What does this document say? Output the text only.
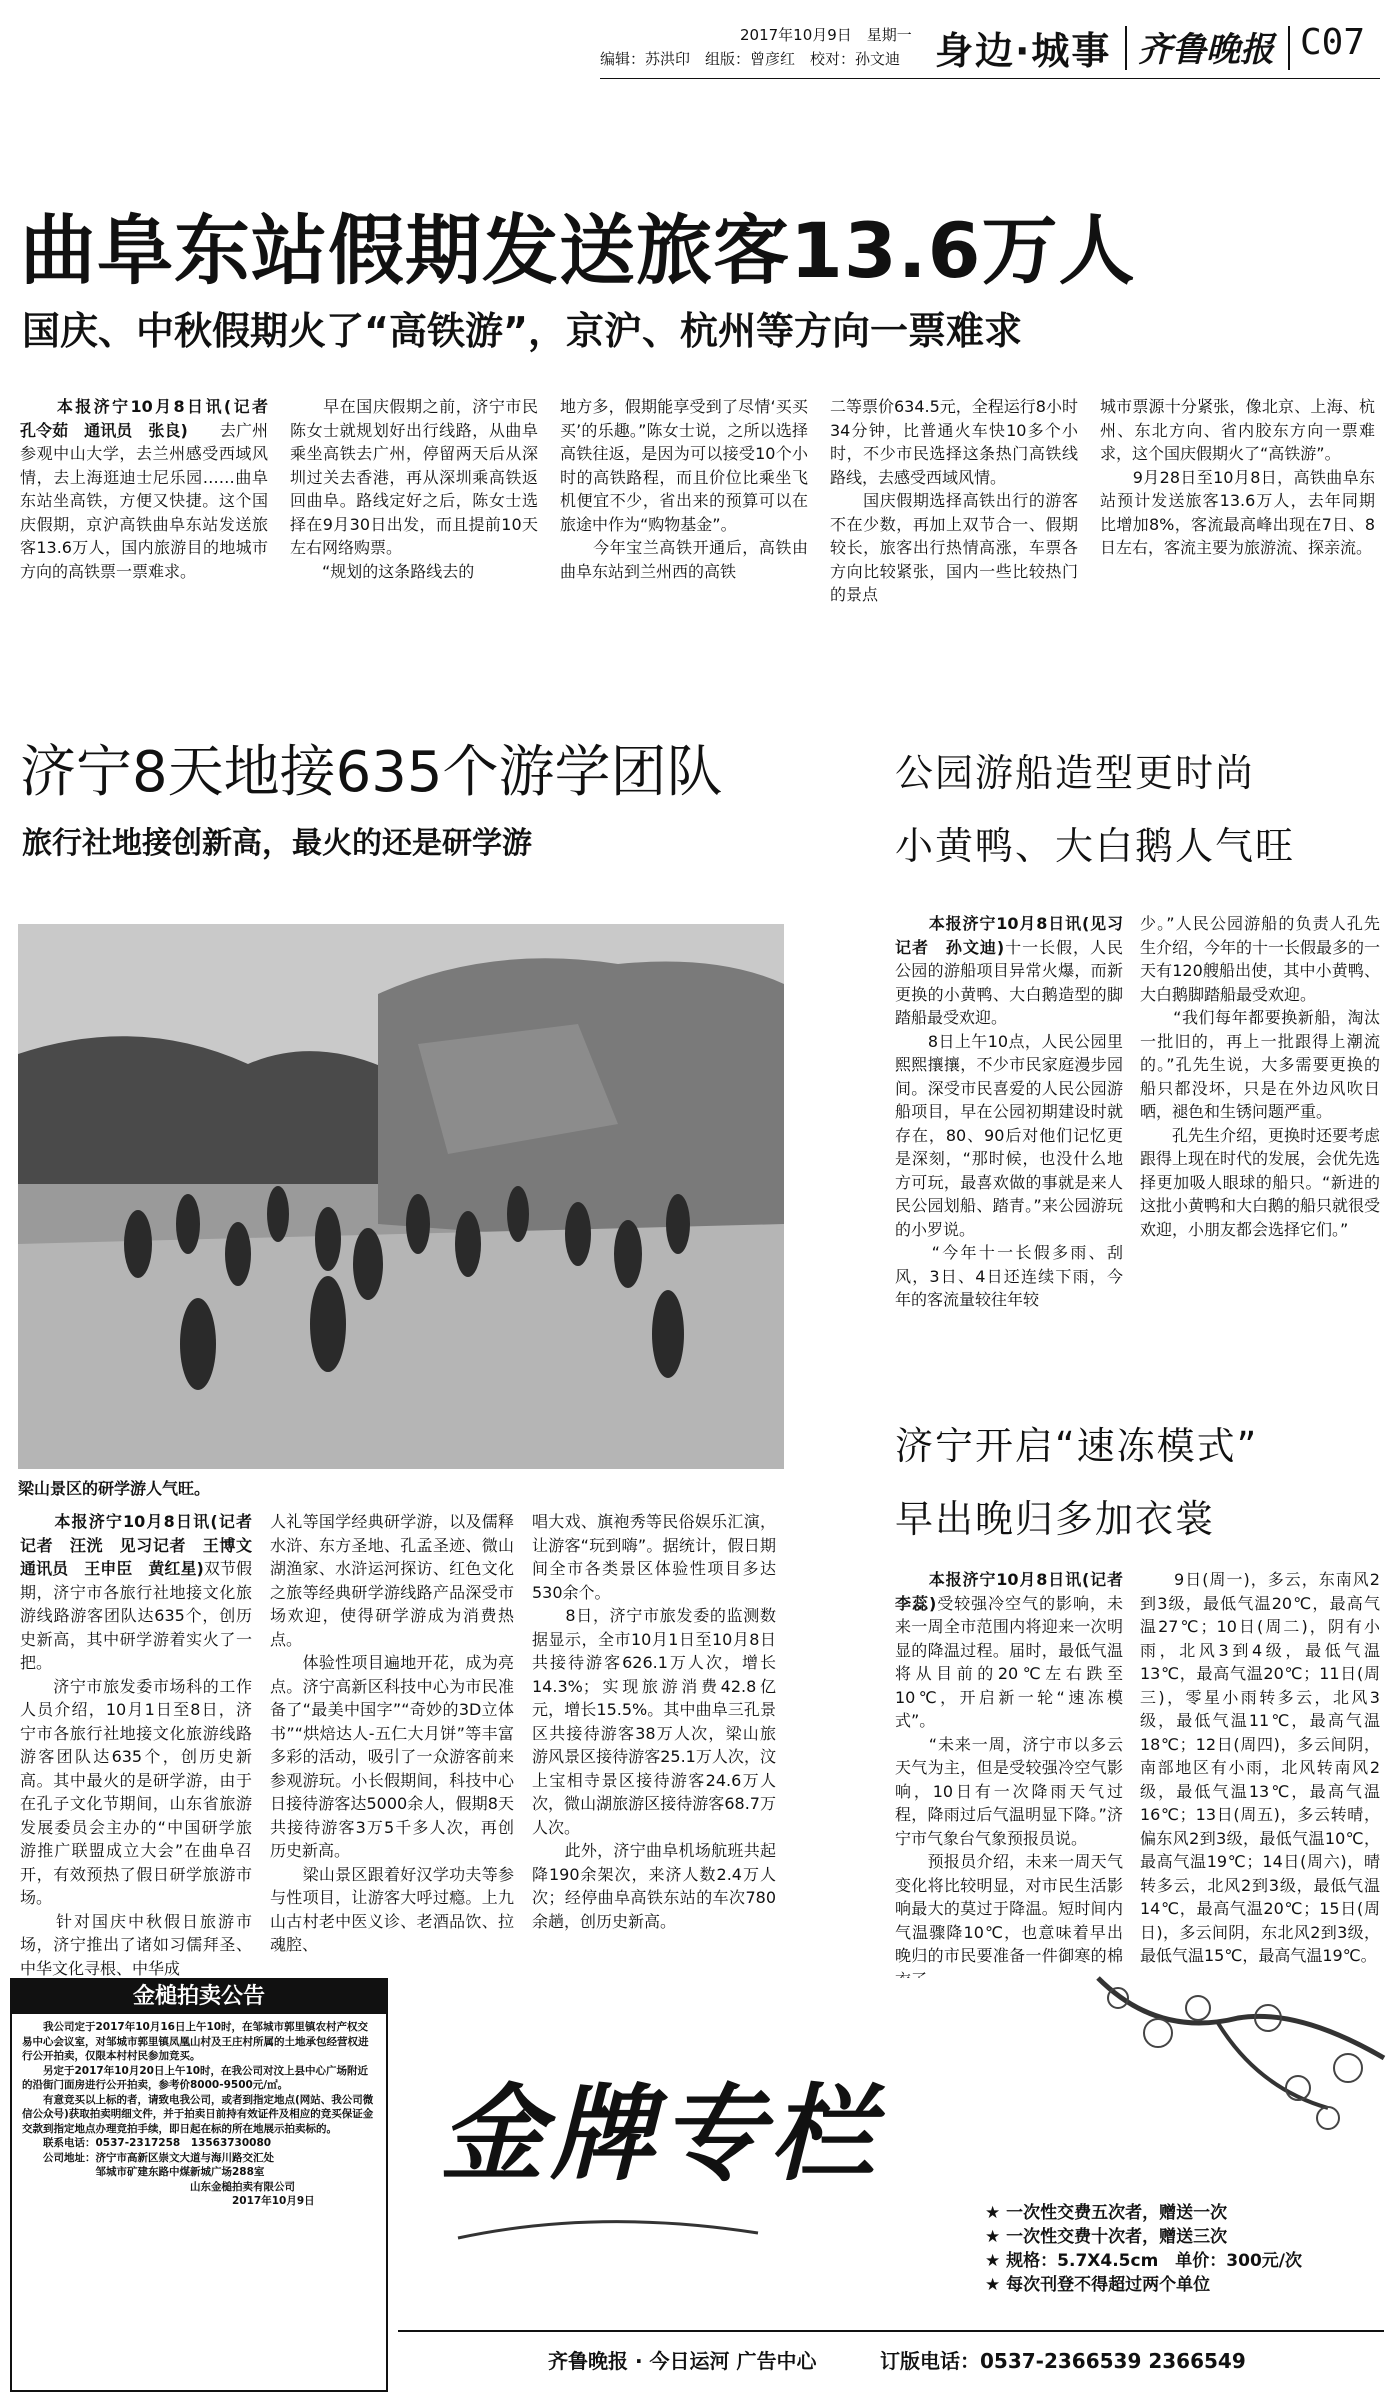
2017年10月9日　星期一
编辑：苏洪印　组版：曾彦红　校对：孙文迪 身边·城事 齐鲁晚报 C07
曲阜东站假期发送旅客13.6万人
国庆、中秋假期火了“高铁游”，京沪、杭州等方向一票难求
　　本报济宁10月8日讯(记者　孔令茹　通讯员　张良)　　去广州参观中山大学，去兰州感受西域风情，去上海逛迪士尼乐园……曲阜东站坐高铁，方便又快捷。这个国庆假期，京沪高铁曲阜东站发送旅客13.6万人，国内旅游目的地城市方向的高铁票一票难求。
　　早在国庆假期之前，济宁市民陈女士就规划好出行线路，从曲阜乘坐高铁去广州，停留两天后从深圳过关去香港，再从深圳乘高铁返回曲阜。路线定好之后，陈女士选择在9月30日出发，而且提前10天左右网络购票。
　　“规划的这条路线去的
地方多，假期能享受到了尽情‘买买买’的乐趣。”陈女士说，之所以选择高铁往返，是因为可以接受10个小时的高铁路程，而且价位比乘坐飞机便宜不少，省出来的预算可以在旅途中作为“购物基金”。
　　今年宝兰高铁开通后，高铁由曲阜东站到兰州西的高铁
二等票价634.5元，全程运行8小时34分钟，比普通火车快10多个小时，不少市民选择这条热门高铁线路线，去感受西域风情。
　　国庆假期选择高铁出行的游客不在少数，再加上双节合一、假期较长，旅客出行热情高涨，车票各方向比较紧张，国内一些比较热门的景点
城市票源十分紧张，像北京、上海、杭州、东北方向、省内胶东方向一票难求，这个国庆假期火了“高铁游”。
　　9月28日至10月8日，高铁曲阜东站预计发送旅客13.6万人，去年同期比增加8%，客流最高峰出现在7日、8日左右，客流主要为旅游流、探亲流。
济宁8天地接635个游学团队
旅行社地接创新高，最火的还是研学游
梁山景区的研学游人气旺。
　　本报济宁10月8日讯(记者　记者　汪洸　见习记者　王博文　通讯员　王申臣　黄红星)双节假期，济宁市各旅行社地接文化旅游线路游客团队达635个，创历史新高，其中研学游着实火了一把。
　　济宁市旅发委市场科的工作人员介绍，10月1日至8日，济宁市各旅行社地接文化旅游线路游客团队达635个，创历史新高。其中最火的是研学游，由于在孔子文化节期间，山东省旅游发展委员会主办的“中国研学旅游推广联盟成立大会”在曲阜召开，有效预热了假日研学旅游市场。
　　针对国庆中秋假日旅游市场，济宁推出了诸如习儒拜圣、中华文化寻根、中华成
人礼等国学经典研学游，以及儒释水浒、东方圣地、孔孟圣迹、微山湖渔家、水浒运河探访、红色文化之旅等经典研学游线路产品深受市场欢迎，使得研学游成为消费热点。
　　体验性项目遍地开花，成为亮点。济宁高新区科技中心为市民准备了“最美中国字”“奇妙的3D立体书”“烘焙达人-五仁大月饼”等丰富多彩的活动，吸引了一众游客前来参观游玩。小长假期间，科技中心日接待游客达5000余人，假期8天共接待游客3万5千多人次，再创历史新高。
　　梁山景区跟着好汉学功夫等参与性项目，让游客大呼过瘾。上九山古村老中医义诊、老酒品饮、拉魂腔、
唱大戏、旗袍秀等民俗娱乐汇演，让游客“玩到嗨”。据统计，假日期间全市各类景区体验性项目多达530余个。
　　8日，济宁市旅发委的监测数据显示，全市10月1日至10月8日共接待游客626.1万人次，增长14.3%；实现旅游消费42.8亿元，增长15.5%。其中曲阜三孔景区共接待游客38万人次，梁山旅游风景区接待游客25.1万人次，汶上宝相寺景区接待游客24.6万人次，微山湖旅游区接待游客68.7万人次。
　　此外，济宁曲阜机场航班共起降190余架次，来济人数2.4万人次；经停曲阜高铁东站的车次780余趟，创历史新高。
公园游船造型更时尚
小黄鸭、大白鹅人气旺
　　本报济宁10月8日讯(见习记者　孙文迪)十一长假，人民公园的游船项目异常火爆，而新更换的小黄鸭、大白鹅造型的脚踏船最受欢迎。
　　8日上午10点，人民公园里熙熙攘攘，不少市民家庭漫步园间。深受市民喜爱的人民公园游船项目，早在公园初期建设时就存在，80、90后对他们记忆更是深刻，“那时候，也没什么地方可玩，最喜欢做的事就是来人民公园划船、踏青。”来公园游玩的小罗说。
　　“今年十一长假多雨、刮风，3日、4日还连续下雨，今年的客流量较往年较
少。”人民公园游船的负责人孔先生介绍，今年的十一长假最多的一天有120艘船出使，其中小黄鸭、大白鹅脚踏船最受欢迎。
　　“我们每年都要换新船，淘汰一批旧的，再上一批跟得上潮流的。”孔先生说，大多需要更换的船只都没坏，只是在外边风吹日晒，褪色和生锈问题严重。
　　孔先生介绍，更换时还要考虑跟得上现在时代的发展，会优先选择更加吸人眼球的船只。“新进的这批小黄鸭和大白鹅的船只就很受欢迎，小朋友都会选择它们。”
济宁开启“速冻模式”
早出晚归多加衣裳
　　本报济宁10月8日讯(记者　李蕊)受较强冷空气的影响，未来一周全市范围内将迎来一次明显的降温过程。届时，最低气温将从目前的20℃左右跌至10℃，开启新一轮“速冻模式”。
　　“未来一周，济宁市以多云天气为主，但是受较强冷空气影响，10日有一次降雨天气过程，降雨过后气温明显下降。”济宁市气象台气象预报员说。
　　预报员介绍，未来一周天气变化将比较明显，对市民生活影响最大的莫过于降温。短时间内气温骤降10℃，也意味着早出晚归的市民要准备一件御寒的棉
　　9日(周一)，多云，东南风2到3级，最低气温20℃，最高气温27℃；10日(周二)，阴有小雨，北风3到4级，最低气温13℃，最高气温20℃；11日(周三)，零星小雨转多云，北风3级，最低气温11℃，最高气温18℃；12日(周四)，多云间阴，南部地区有小雨，北风转南风2级，最低气温13℃，最高气温16℃；13日(周五)，多云转晴，偏东风2到3级，最低气温10℃，最高气温19℃；14日(周六)，晴转多云，北风2到3级，最低气温14℃，最高气温20℃；15日(周日)，多云间阴，东北风2到3级，最低气温15℃，最高气温19℃。
金槌拍卖公告
　　我公司定于2017年10月16日上午10时，在邹城市郭里镇农村产权交易中心会议室，对邹城市郭里镇凤凰山村及王庄村所属的土地承包经营权进行公开拍卖，仅限本村村民参加竞买。
　　另定于2017年10月20日上午10时，在我公司对汶上县中心广场附近的沿街门面房进行公开拍卖，参考价8000-9500元/㎡。
　　有意竞买以上标的者，请致电我公司，或者到指定地点(网站、我公司微信公众号)获取拍卖明细文件，并于拍卖日前持有效证件及相应的竞买保证金交款到指定地点办理竞拍手续，即日起在标的所在地展示拍卖标的。
　　联系电话：0537-2317258　13563730080
　　公司地址：济宁市高新区崇文大道与海川路交汇处
　　　　　　　邹城市矿建东路中煤新城广场288室
　　　　　　　　　　　　　　　　山东金槌拍卖有限公司
　　　　　　　　　　　　　　　　　　　　2017年10月9日
金牌专栏
★ 一次性交费五次者，赠送一次
★ 一次性交费十次者，赠送三次
★ 规格：5.7X4.5cm　单价：300元/次
★ 每次刊登不得超过两个单位
齐鲁晚报 · 今日运河 广告中心	订版电话：0537-2366539 2366549
